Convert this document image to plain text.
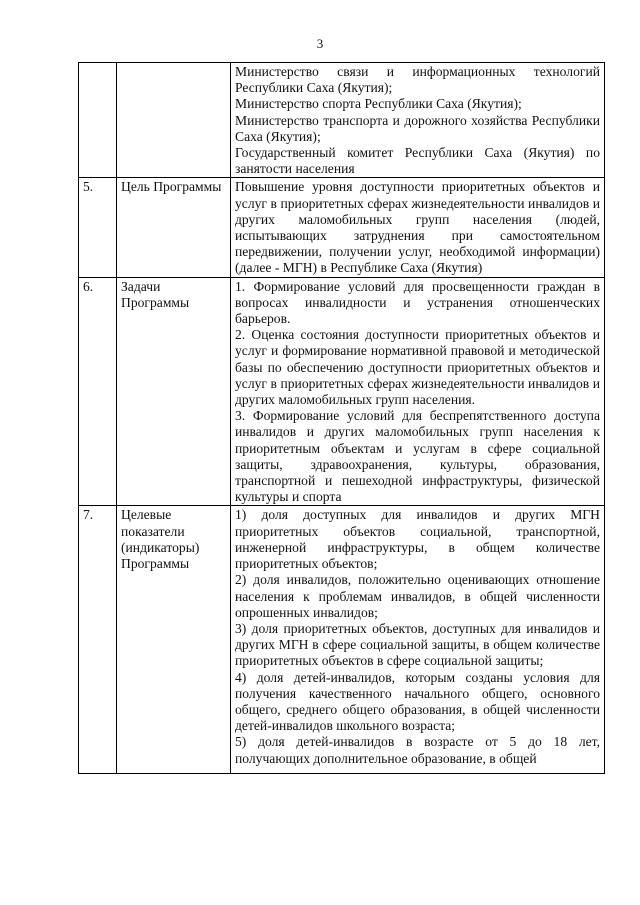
3

		Министерство связи и информационных технологий Республики Саха (Якутия);
Министерство спорта Республики Саха (Якутия);
Министерство транспорта и дорожного хозяйства Республики Саха (Якутия);
Государственный комитет Республики Саха (Якутия) по занятости населения

5.	Цель Программы	Повышение уровня доступности приоритетных объектов и услуг в приоритетных сферах жизнедеятельности инвалидов и других маломобильных групп населения (людей, испытывающих затруднения при самостоятельном передвижении, получении услуг, необходимой информации) (далее - МГН) в Республике Саха (Якутия)

6.	Задачи Программы	1. Формирование условий для просвещенности граждан в вопросах инвалидности и устранения отношенческих барьеров.
2. Оценка состояния доступности приоритетных объектов и услуг и формирование нормативной правовой и методической базы по обеспечению доступности приоритетных объектов и услуг в приоритетных сферах жизнедеятельности инвалидов и других маломобильных групп населения.
3. Формирование условий для беспрепятственного доступа инвалидов и других маломобильных групп населения к приоритетным объектам и услугам в сфере социальной защиты, здравоохранения, культуры, образования, транспортной и пешеходной инфраструктуры, физической культуры и спорта

7.	Целевые показатели (индикаторы) Программы	1) доля доступных для инвалидов и других МГН приоритетных объектов социальной, транспортной, инженерной инфраструктуры, в общем количестве приоритетных объектов;
2) доля инвалидов, положительно оценивающих отношение населения к проблемам инвалидов, в общей численности опрошенных инвалидов;
3) доля приоритетных объектов, доступных для инвалидов и других МГН в сфере социальной защиты, в общем количестве приоритетных объектов в сфере социальной защиты;
4) доля детей-инвалидов, которым созданы условия для получения качественного начального общего, основного общего, среднего общего образования, в общей численности детей-инвалидов школьного возраста;
5) доля детей-инвалидов в возрасте от 5 до 18 лет, получающих дополнительное образование, в общей
